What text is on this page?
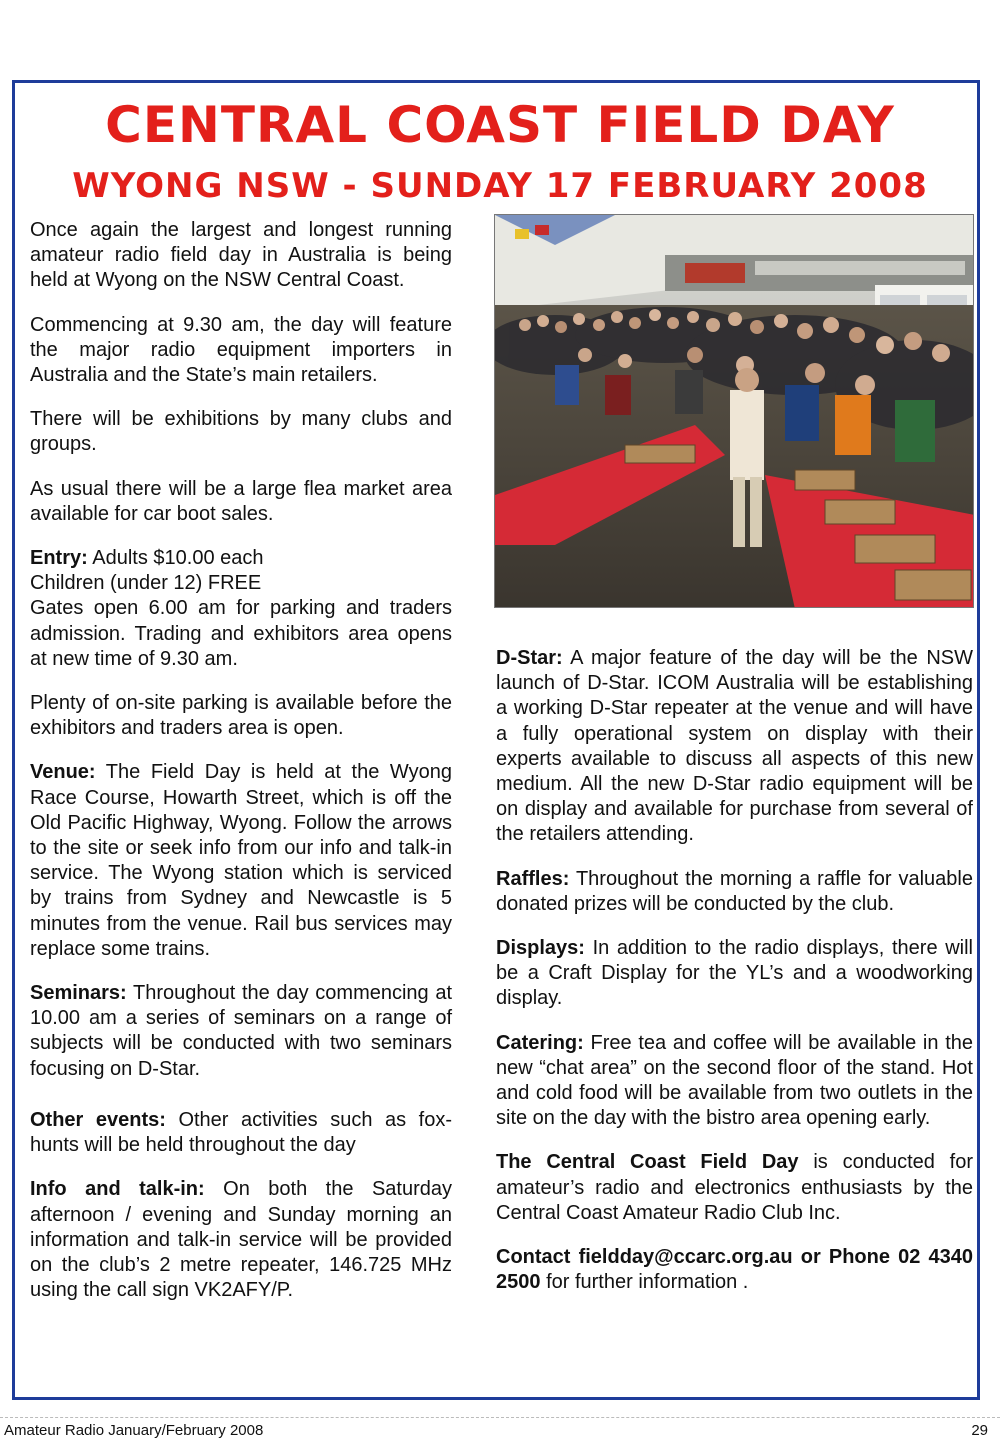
CENTRAL COAST FIELD DAY
WYONG NSW - SUNDAY 17 FEBRUARY 2008

Once again the largest and longest running amateur radio field day in Australia is being held at Wyong on the NSW Central Coast.

Commencing at 9.30 am, the day will feature the major radio equipment importers in Australia and the State’s main retailers.

There will be exhibitions by many clubs and groups.

As usual there will be a large flea market area available for car boot sales.

Entry: Adults $10.00 each
Children (under 12) FREE

Gates open 6.00 am for parking and traders admission. Trading and exhibitors area opens at new time of 9.30 am.

Plenty of on-site parking is available before the exhibitors and traders area is open.

Venue: The Field Day is held at the Wyong Race Course, Howarth Street, which is off the Old Pacific Highway, Wyong. Follow the arrows to the site or seek info from our info and talk-in service. The Wyong station which is serviced by trains from Sydney and Newcastle is 5 minutes from the venue. Rail bus services may replace some trains.

Seminars: Throughout the day commencing at 10.00 am a series of seminars on a range of subjects will be conducted with two seminars focusing on D-Star.

Other events: Other activities such as fox-hunts will be held throughout the day

Info and talk-in: On both the Saturday afternoon / evening and Sunday morning an information and talk-in service will be provided on the club’s 2 metre repeater, 146.725 MHz using the call sign VK2AFY/P.

D-Star: A major feature of the day will be the NSW launch of D-Star. ICOM Australia will be establishing a working D-Star repeater at the venue and will have a fully operational system on display with their experts available to discuss all aspects of this new medium. All the new D-Star radio equipment will be on display and available for purchase from several of the retailers attending.

Raffles: Throughout the morning a raffle for valuable donated prizes will be conducted by the club.

Displays: In addition to the radio displays, there will be a Craft Display for the YL’s and a woodworking display.

Catering: Free tea and coffee will be available in the new “chat area” on the second floor of the stand. Hot and cold food will be available from two outlets in the site on the day with the bistro area opening early.

The Central Coast Field Day is conducted for amateur’s radio and electronics enthusiasts by the Central Coast Amateur Radio Club Inc.

Contact fieldday@ccarc.org.au or Phone 02 4340 2500 for further information .

Amateur Radio January/February 2008	29
